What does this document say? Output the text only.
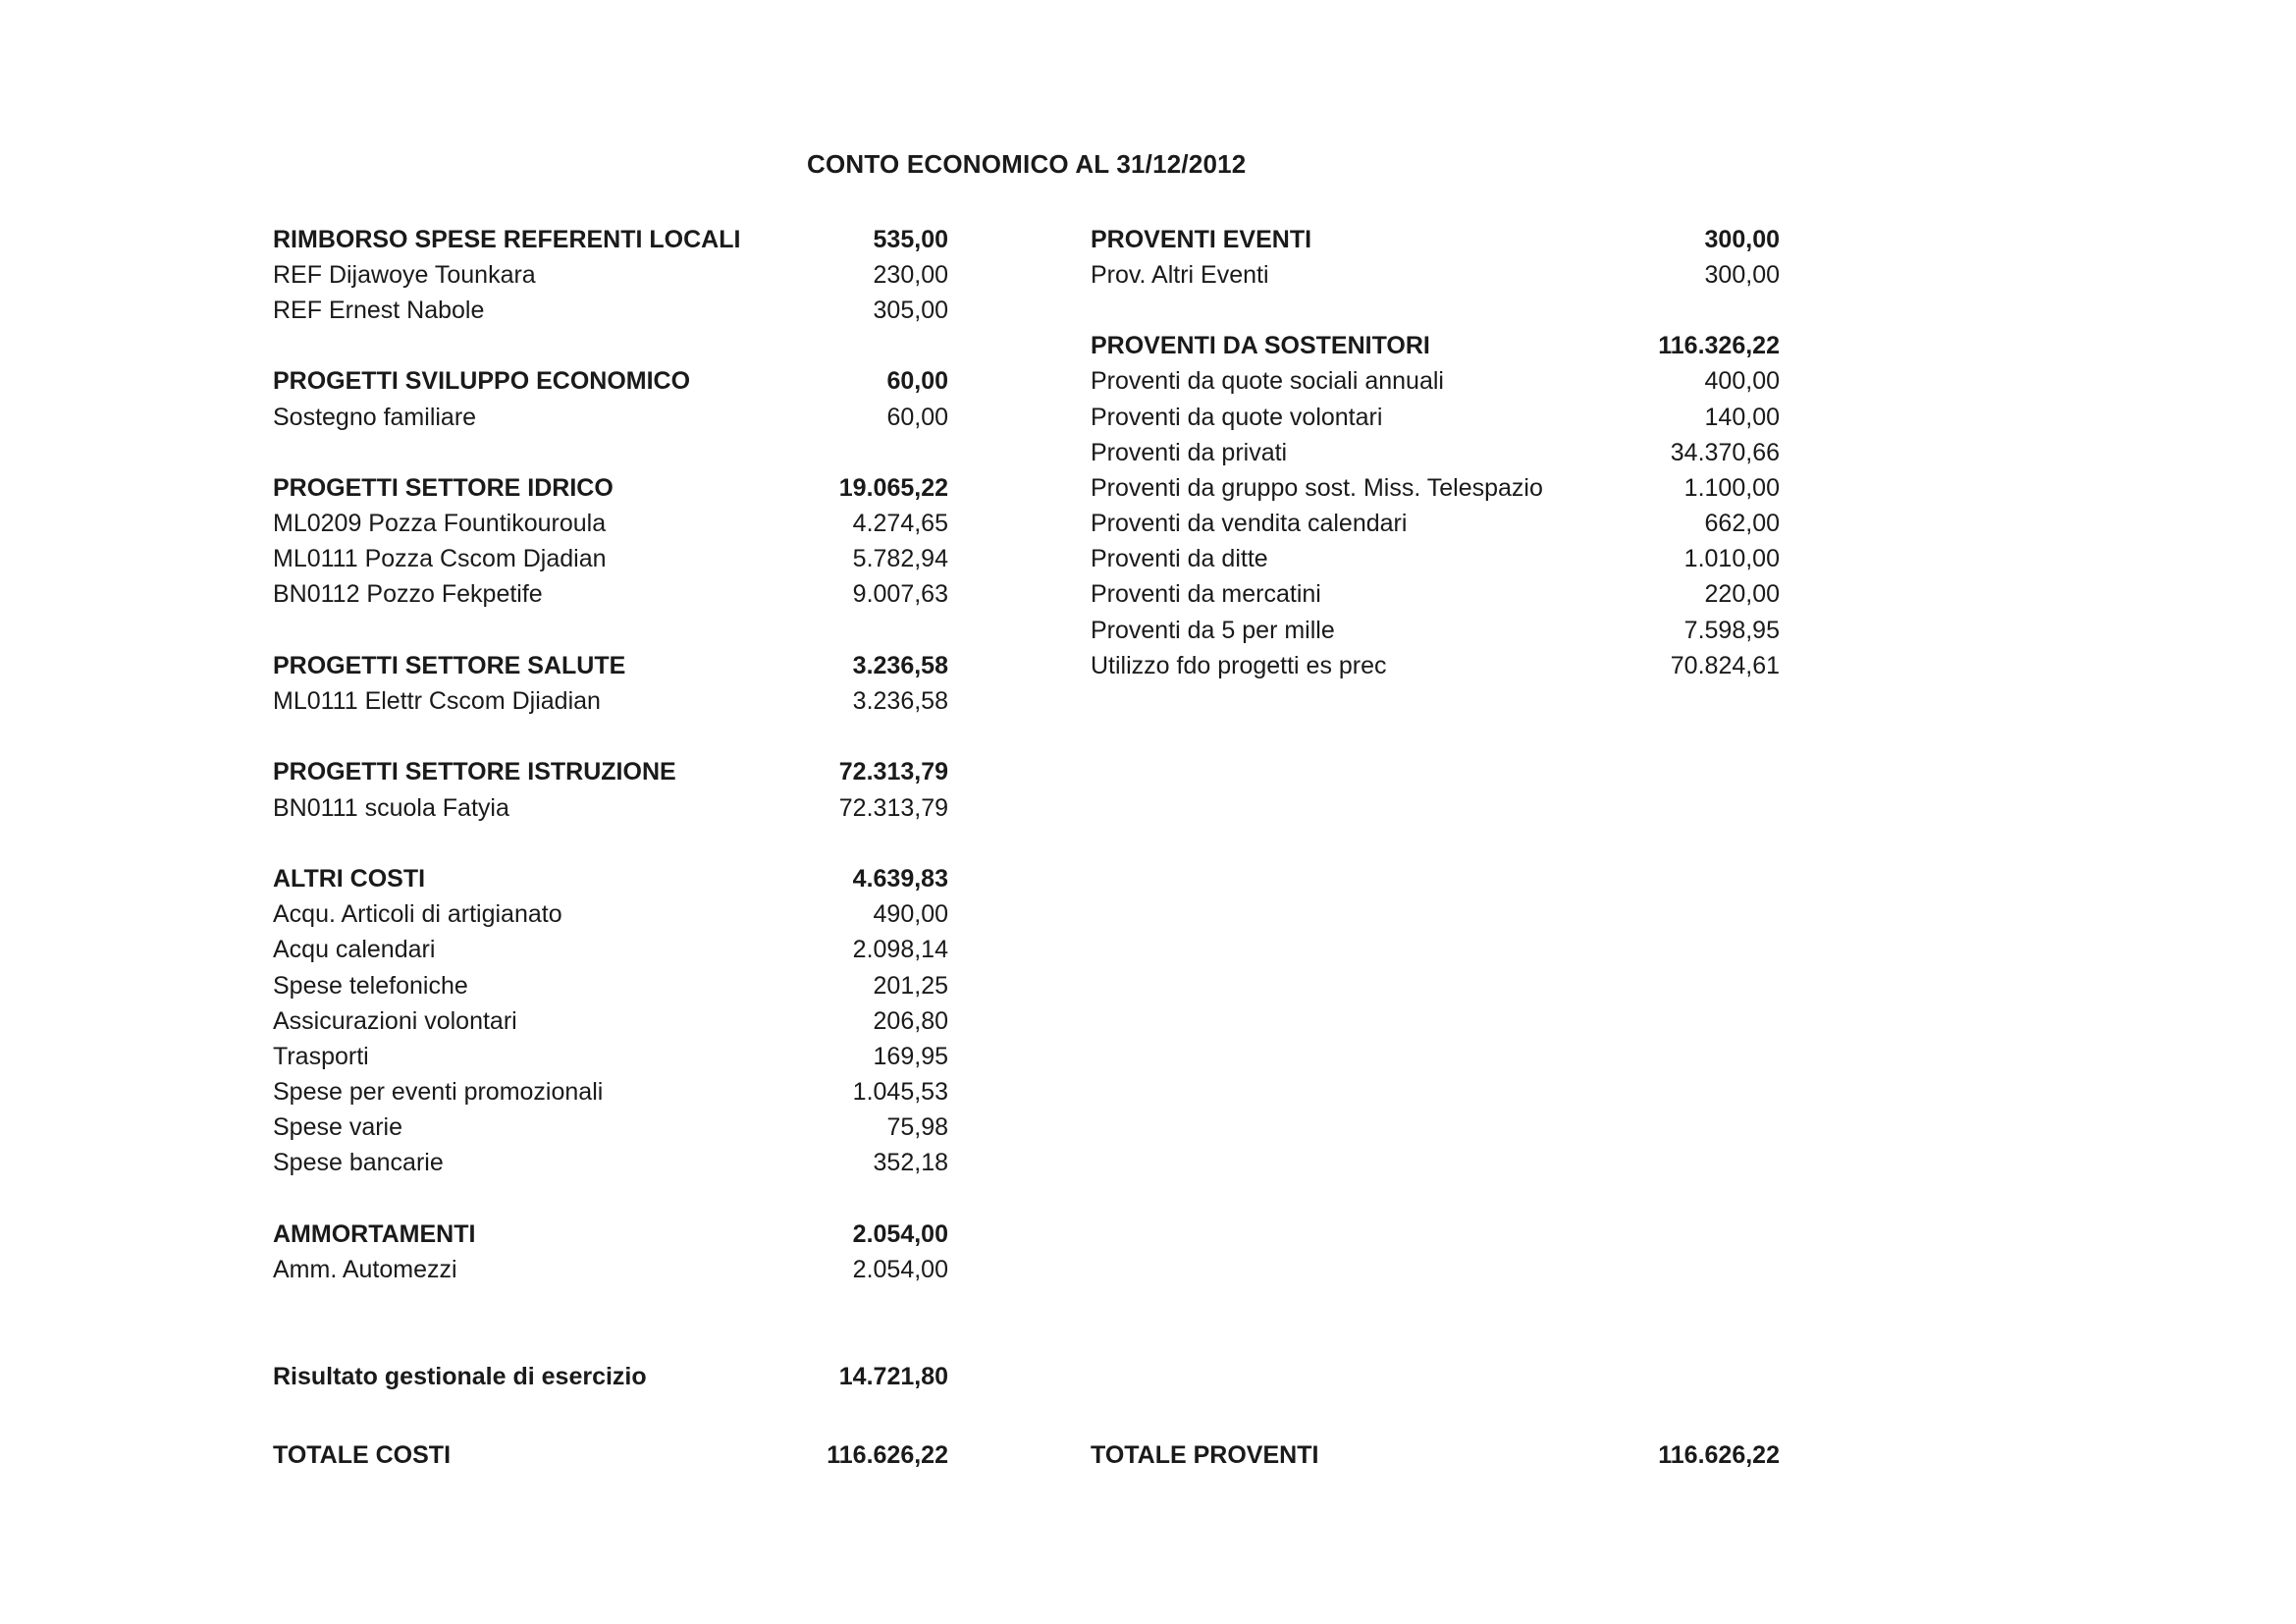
CONTO ECONOMICO AL 31/12/2012
RIMBORSO SPESE REFERENTI LOCALI	535,00
REF Dijawoye Tounkara	230,00
REF Ernest Nabole	305,00
PROGETTI SVILUPPO ECONOMICO	60,00
Sostegno familiare	60,00
PROGETTI SETTORE IDRICO	19.065,22
ML0209 Pozza Fountikouroula	4.274,65
ML0111 Pozza Cscom Djadian	5.782,94
BN0112 Pozzo Fekpetife	9.007,63
PROGETTI SETTORE SALUTE	3.236,58
ML0111 Elettr Cscom Djiadian	3.236,58
PROGETTI SETTORE ISTRUZIONE	72.313,79
BN0111 scuola Fatyia	72.313,79
ALTRI COSTI	4.639,83
Acqu. Articoli di artigianato	490,00
Acqu calendari	2.098,14
Spese telefoniche	201,25
Assicurazioni volontari	206,80
Trasporti	169,95
Spese per eventi promozionali	1.045,53
Spese varie	75,98
Spese bancarie	352,18
AMMORTAMENTI	2.054,00
Amm. Automezzi	2.054,00
Risultato gestionale di esercizio	14.721,80
PROVENTI EVENTI	300,00
Prov. Altri Eventi	300,00
PROVENTI DA SOSTENITORI	116.326,22
Proventi da quote sociali annuali	400,00
Proventi da quote volontari	140,00
Proventi da privati	34.370,66
Proventi da gruppo sost. Miss. Telespazio	1.100,00
Proventi da vendita calendari	662,00
Proventi da ditte	1.010,00
Proventi da mercatini	220,00
Proventi da 5 per mille	7.598,95
Utilizzo fdo progetti es prec	70.824,61
TOTALE COSTI	116.626,22	TOTALE PROVENTI	116.626,22
